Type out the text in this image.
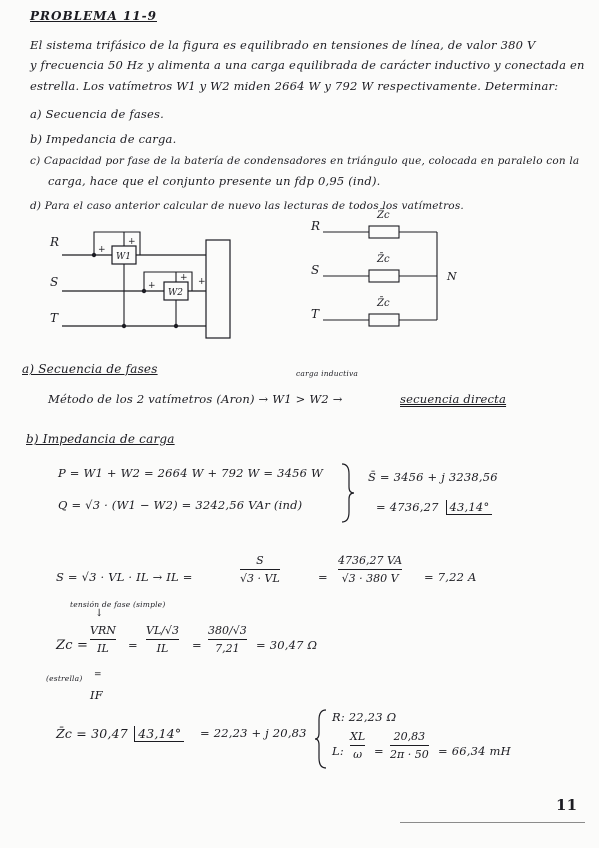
PROBLEMA 11-9
El sistema trifásico de la figura es equilibrado en tensiones de línea, de valor 380 V
y frecuencia 50 Hz y alimenta a una carga equilibrada de carácter inductivo y conectada en
estrella. Los vatímetros W1 y W2 miden 2664 W y 792 W respectivamente. Determinar:
a) Secuencia de fases.
b) Impedancia de carga.
c) Capacidad por fase de la batería de condensadores en triángulo que, colocada en paralelo con la
carga, hace que el conjunto presente un fdp 0,95 (ind).
d) Para el caso anterior calcular de nuevo las lecturas de todos los vatímetros.
R
S
T
W1
+
+
W2
+
+ +
R
S
T
Z̄c
Z̄c
Z̄c
N
carga inductiva
a) Secuencia de fases
Método de los 2 vatímetros (Aron) → W1 > W2 →	secuencia directa
b) Impedancia de carga
P = W1 + W2 = 2664 W + 792 W = 3456 W
Q = √3 · (W1 − W2) = 3242,56 VAr (ind)
S̄ = 3456 + j 3238,56
= 4736,27 43,14°
S = √3 · VL · IL → IL =
S
√3 · VL	=
4736,27 VA
√3 · 380 V	= 7,22 A
tensión de fase (simple)
↓
Zc =
VRN
IL	=
VL/√3
IL	=
380/√3
7,21	= 30,47 Ω
(estrella) =
IF
Z̄c = 30,47 43,14° = 22,23 + j 20,83
R: 22,23 Ω
L:
XL
ω =
20,83
2π · 50 = 66,34 mH
11
